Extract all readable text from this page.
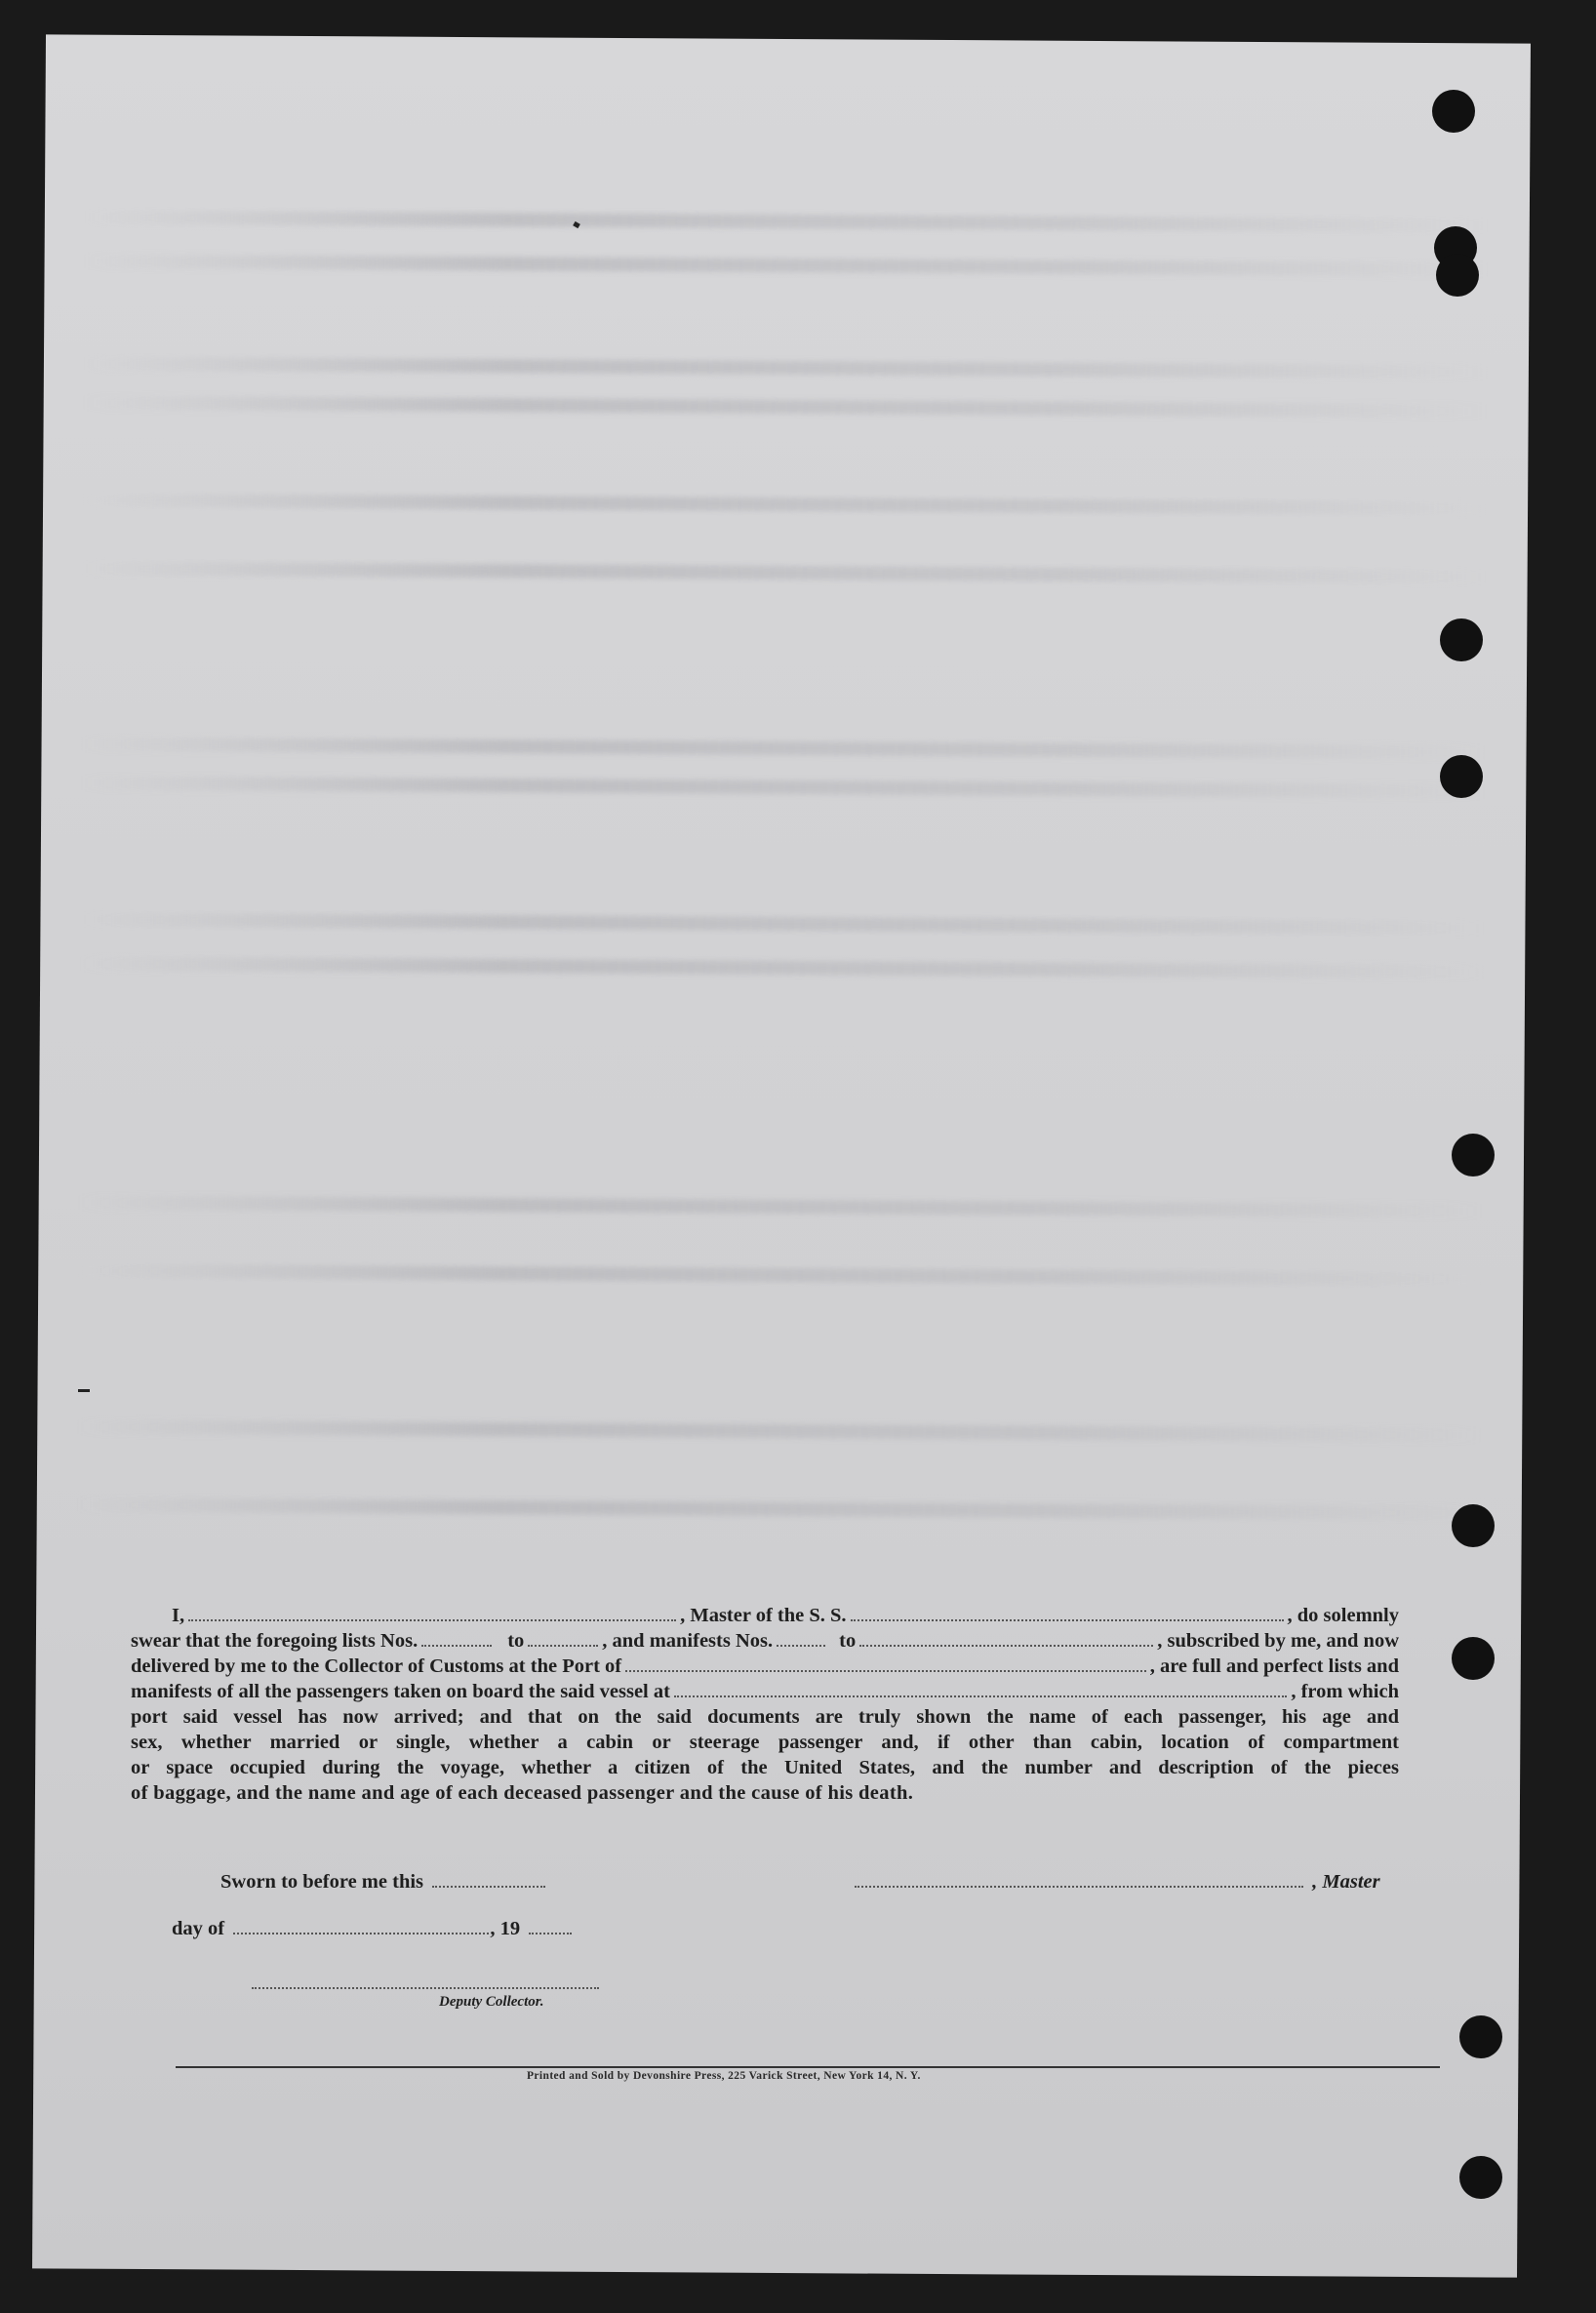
I,	, Master of the S. S.	, do solemnly
swear that the foregoing lists Nos.	to	, and manifests Nos.	to	, subscribed by me, and now
delivered by me to the Collector of Customs at the Port of	, are full and perfect lists and
manifests of all the passengers taken on board the said vessel at	, from which
port said vessel has now arrived; and that on the said documents are truly shown the name of each passenger, his age and
sex, whether married or single, whether a cabin or steerage passenger and, if other than cabin, location of compartment
or space occupied during the voyage, whether a citizen of the United States, and the number and description of the pieces
of baggage, and the name and age of each deceased passenger and the cause of his death.
Sworn to before me this	, Master
day of	, 19
Deputy Collector.
Printed and Sold by Devonshire Press, 225 Varick Street, New York 14, N. Y.
